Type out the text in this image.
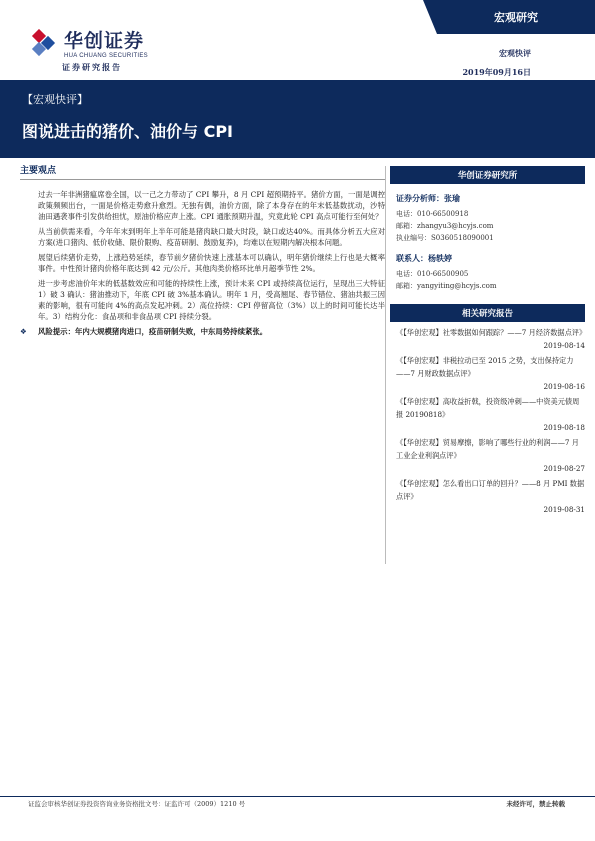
宏观研究
华创证券
HUA CHUANG SECURITIES
证券研究报告
宏观快评
2019年09月16日
【宏观快评】
图说进击的猪价、油价与 CPI
主要观点

过去一年非洲猪瘟席卷全国，以一己之力带动了 CPI 攀升，8 月 CPI 超预期持平。猪价方面，一面是调控政策频频出台，一面是价格走势愈升愈烈。无独有偶，油价方面，除了本身存在的年末低基数扰动，沙特油田遇袭事件引发供给担忧，原油价格应声上涨。CPI 通胀预期升温，究竟此轮 CPI 高点可能行至何处？

从当前供需来看，今年年末到明年上半年可能是猪肉缺口最大时段，缺口或达40%。而具体分析五大应对方案(进口猪肉、低价收储、限价限购、疫苗研制、鼓励复养)，均难以在短期内解决根本问题。

展望后续猪价走势，上涨趋势延续，春节前夕猪价快速上涨基本可以确认，明年猪价继续上行也是大概率事件。中性预计猪肉价格年底达到 42 元/公斤。其他肉类价格环比单月超季节性 2%。

进一步考虑油价年末的低基数效应和可能的持续性上涨，预计未来 CPI 或持续高位运行，呈现出三大特征 1）破 3 确认：猪油推动下，年底 CPI 破 3%基本确认。明年 1 月，受高翘尾、春节错位、猪油共振三因素的影响，很有可能向 4%的高点发起冲刺。2）高位持续：CPI 停留高位（3%）以上的时间可能长达半年。3）结构分化：食品项和非食品项 CPI 持续分裂。

❖	风险提示：年内大规模猪肉进口，疫苗研制失败，中东局势持续紧张。
华创证券研究所
证券分析师：张瑜
电话：010-66500918
邮箱：zhangyu3@hcyjs.com
执业编号：S0360518090001
联系人：杨轶婷
电话：010-66500905
邮箱：yangyiting@hcyjs.com
相关研究报告
《【华创宏观】社零数据如何跟踪？——7 月经济数据点评》
2019-08-14
《【华创宏观】非税拉动已至 2015 之势，支出保持定力——7 月财政数据点评》
2019-08-16
《【华创宏观】高收益折戟，投资级冲刺——中资美元债周报 20190818》
2019-08-18
《【华创宏观】贸易摩擦，影响了哪些行业的利润——7 月工业企业利润点评》
2019-08-27
《【华创宏观】怎么看出口订单的回升？——8 月 PMI 数据点评》
2019-08-31
证监会审核华创证券投资咨询业务资格批文号：证监许可（2009）1210 号	未经许可，禁止转载
